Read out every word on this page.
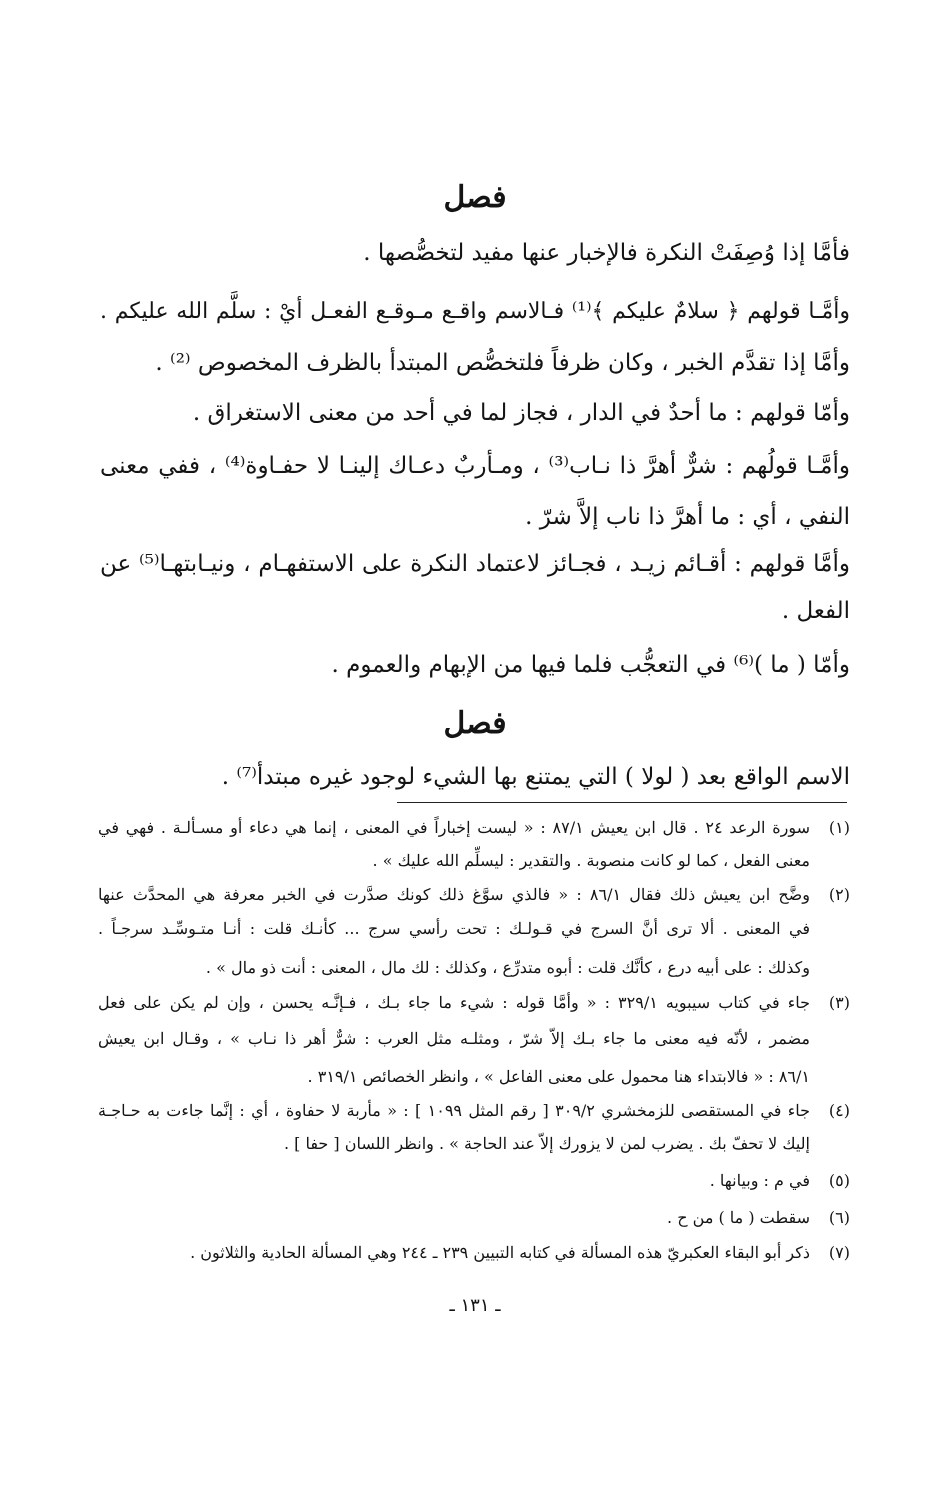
فصل
فأمَّا إذا وُصِفَتْ النكرة فالإخبار عنها مفيد لتخصُّصها .
وأمَّـا قولهم ﴿ سلامٌ عليكم ﴾⁽¹⁾ فـالاسم واقـع مـوقـع الفعـل أيْ : سلَّم الله عليكم .
وأمَّا إذا تقدَّم الخبر ، وكان ظرفاً فلتخصُّص المبتدأ بالظرف المخصوص ⁽²⁾ .
وأمّا قولهم : ما أحدٌ في الدار ، فجاز لما في أحد من معنى الاستغراق .
وأمَّـا قولُهم : شرٌّ أهرَّ ذا نـاب⁽³⁾ ، ومـأربٌ دعـاك إلينـا لا حفـاوة⁽⁴⁾ ، ففي معنى
النفي ، أي : ما أهرَّ ذا ناب إلاَّ شرّ .
وأمَّا قولهم : أقـائم زيـد ، فجـائز لاعتماد النكرة على الاستفهـام ، ونيـابتهـا⁽⁵⁾ عن
الفعل .
وأمّا ( ما )⁽⁶⁾ في التعجُّب فلما فيها من الإبهام والعموم .
فصل
الاسم الواقع بعد ( لولا ) التي يمتنع بها الشيء لوجود غيره مبتدأ⁽⁷⁾ .
(١)
سورة الرعد ٢٤ . قال ابن يعيش ٨٧/١ : « ليست إخباراً في المعنى ، إنما هي دعاء أو مسـألـة . فهي في
معنى الفعل ، كما لو كانت منصوبة . والتقدير : ليسلِّم الله عليك » .
(٢)
وضَّح ابن يعيش ذلك فقال ٨٦/١ : « فالذي سوَّغ ذلك كونك صدَّرت في الخبر معرفة هي المحدَّث عنها
في المعنى . ألا ترى أنَّ السرج في قـولـك : تحت رأسي سرج ... كأنـك قلت : أنـا متـوسِّـد سرجـاً .
وكذلك : على أبيه درع ، كأنَّك قلت : أبوه متدرِّع ، وكذلك : لك مال ، المعنى : أنت ذو مال » .
(٣)
جاء في كتاب سيبويه ٣٢٩/١ : « وأمَّا قوله : شيء ما جاء بـك ، فـإنَّـه يحسن ، وإن لم يكن على فعل
مضمر ، لأنّه فيه معنى ما جاء بـك إلاّ شرّ ، ومثلـه مثل العرب : شرٌّ أهر ذا نـاب » ، وقـال ابن يعيش
٨٦/١ : « فالابتداء هنا محمول على معنى الفاعل » ، وانظر الخصائص ٣١٩/١ .
(٤)
جاء في المستقصى للزمخشري ٣٠٩/٢ [ رقم المثل ١٠٩٩ ] : « مأربة لا حفاوة ، أي : إنَّما جاءت به حـاجـة
إليك لا تحفّ بك . يضرب لمن لا يزورك إلاّ عند الحاجة » . وانظر اللسان [ حفا ] .
(٥)
في م : وبيانها .
(٦)
سقطت ( ما ) من ح .
(٧)
ذكر أبو البقاء العكبريّ هذه المسألة في كتابه التبيين ٢٣٩ ـ ٢٤٤ وهي المسألة الحادية والثلاثون .
ـ ١٣١ ـ
